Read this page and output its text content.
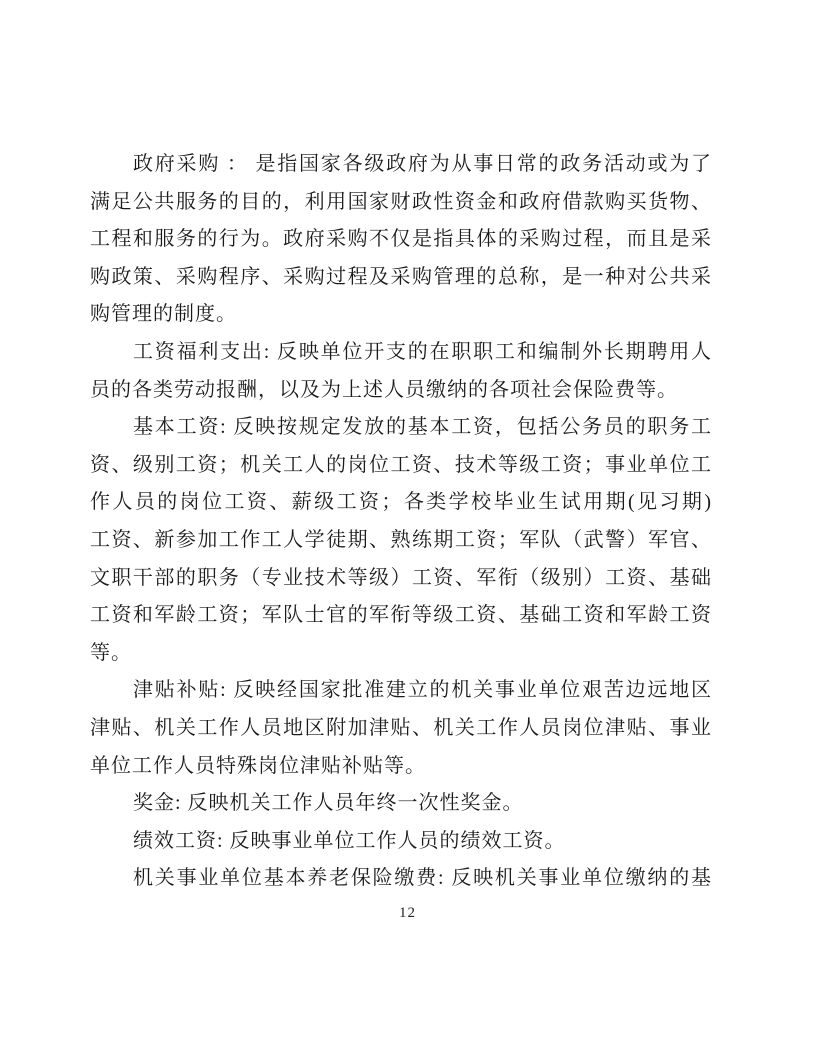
政府采购 ： 是指国家各级政府为从事日常的政务活动或为了
满足公共服务的目的，利用国家财政性资金和政府借款购买货物、
工程和服务的行为。政府采购不仅是指具体的采购过程，而且是采
购政策、采购程序、采购过程及采购管理的总称，是一种对公共采
购管理的制度。
工资福利支出: 反映单位开支的在职职工和编制外长期聘用人
员的各类劳动报酬，以及为上述人员缴纳的各项社会保险费等。
基本工资: 反映按规定发放的基本工资，包括公务员的职务工
资、级别工资；机关工人的岗位工资、技术等级工资；事业单位工
作人员的岗位工资、薪级工资；各类学校毕业生试用期(见习期)
工资、新参加工作工人学徒期、熟练期工资；军队（武警）军官、
文职干部的职务（专业技术等级）工资、军衔（级别）工资、基础
工资和军龄工资；军队士官的军衔等级工资、基础工资和军龄工资
等。
津贴补贴: 反映经国家批准建立的机关事业单位艰苦边远地区
津贴、机关工作人员地区附加津贴、机关工作人员岗位津贴、事业
单位工作人员特殊岗位津贴补贴等。
奖金: 反映机关工作人员年终一次性奖金。
绩效工资: 反映事业单位工作人员的绩效工资。
机关事业单位基本养老保险缴费: 反映机关事业单位缴纳的基
12
